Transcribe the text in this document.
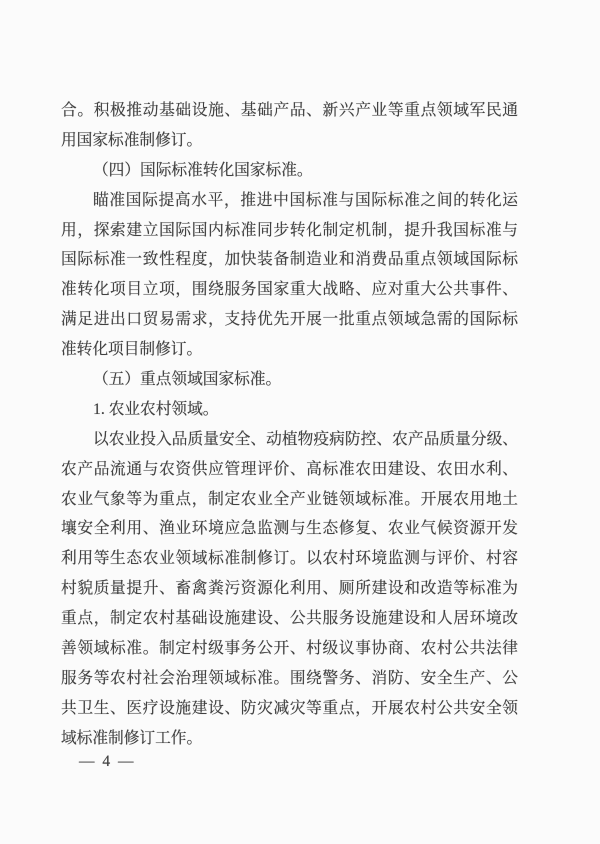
合。积极推动基础设施、基础产品、新兴产业等重点领域军民通
用国家标准制修订。
（四）国际标准转化国家标准。
瞄准国际提高水平，推进中国标准与国际标准之间的转化运
用，探索建立国际国内标准同步转化制定机制，提升我国标准与
国际标准一致性程度，加快装备制造业和消费品重点领域国际标
准转化项目立项，围绕服务国家重大战略、应对重大公共事件、
满足进出口贸易需求，支持优先开展一批重点领域急需的国际标
准转化项目制修订。
（五）重点领域国家标准。
1. 农业农村领域。
以农业投入品质量安全、动植物疫病防控、农产品质量分级、
农产品流通与农资供应管理评价、高标准农田建设、农田水利、
农业气象等为重点，制定农业全产业链领域标准。开展农用地土
壤安全利用、渔业环境应急监测与生态修复、农业气候资源开发
利用等生态农业领域标准制修订。以农村环境监测与评价、村容
村貌质量提升、畜禽粪污资源化利用、厕所建设和改造等标准为
重点，制定农村基础设施建设、公共服务设施建设和人居环境改
善领域标准。制定村级事务公开、村级议事协商、农村公共法律
服务等农村社会治理领域标准。围绕警务、消防、安全生产、公
共卫生、医疗设施建设、防灾减灾等重点，开展农村公共安全领
域标准制修订工作。
— 4 —
